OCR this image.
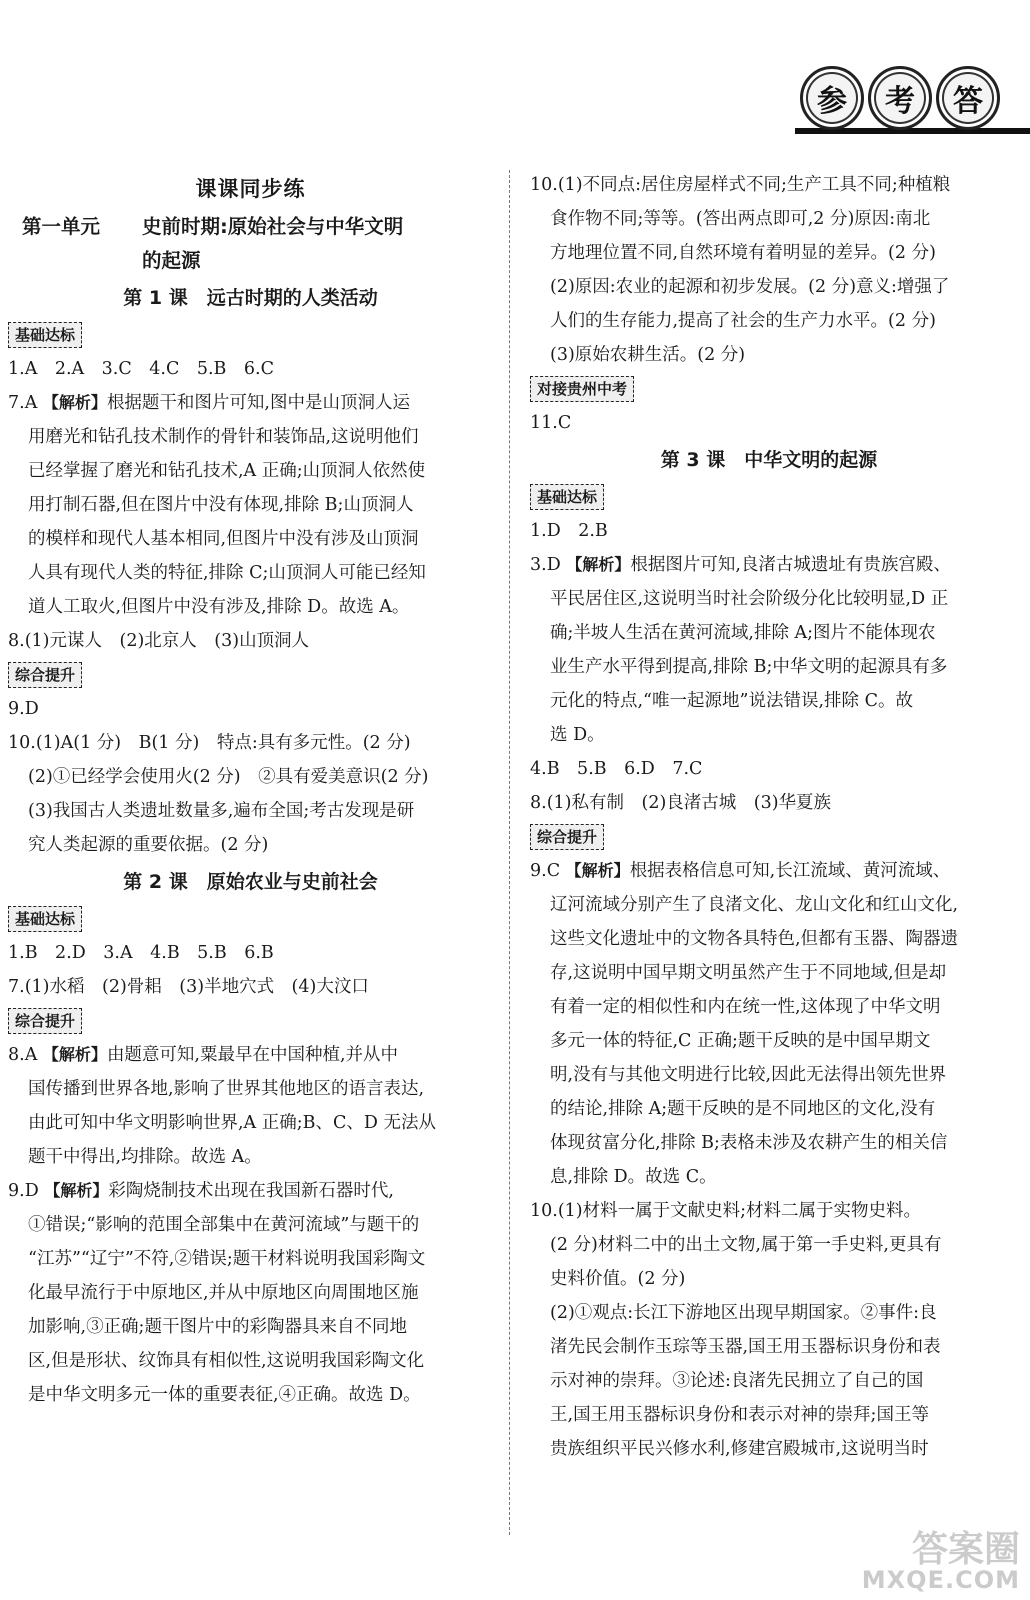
参	考	答
课课同步练
第一单元	史前时期:原始社会与中华文明
的起源
第 1 课　远古时期的人类活动
基础达标

1.A　2.A　3.C　4.C　5.B　6.C

7.A 【解析】根据题干和图片可知,图中是山顶洞人运

用磨光和钻孔技术制作的骨针和装饰品,这说明他们

已经掌握了磨光和钻孔技术,A 正确;山顶洞人依然使

用打制石器,但在图片中没有体现,排除 B;山顶洞人

的模样和现代人基本相同,但图片中没有涉及山顶洞

人具有现代人类的特征,排除 C;山顶洞人可能已经知

道人工取火,但图片中没有涉及,排除 D。故选 A。

8.(1)元谋人　(2)北京人　(3)山顶洞人

综合提升

9.D

10.(1)A(1 分)　B(1 分)　特点:具有多元性。(2 分)

(2)①已经学会使用火(2 分)　②具有爱美意识(2 分)

(3)我国古人类遗址数量多,遍布全国;考古发现是研

究人类起源的重要依据。(2 分)

第 2 课　原始农业与史前社会
基础达标

1.B　2.D　3.A　4.B　5.B　6.B

7.(1)水稻　(2)骨耜　(3)半地穴式　(4)大汶口

综合提升

8.A 【解析】由题意可知,粟最早在中国种植,并从中

国传播到世界各地,影响了世界其他地区的语言表达,

由此可知中华文明影响世界,A 正确;B、C、D 无法从

题干中得出,均排除。故选 A。

9.D 【解析】彩陶烧制技术出现在我国新石器时代,

①错误;“影响的范围全部集中在黄河流域”与题干的

“江苏”“辽宁”不符,②错误;题干材料说明我国彩陶文

化最早流行于中原地区,并从中原地区向周围地区施

加影响,③正确;题干图片中的彩陶器具来自不同地

区,但是形状、纹饰具有相似性,这说明我国彩陶文化

是中华文明多元一体的重要表征,④正确。故选 D。

10.(1)不同点:居住房屋样式不同;生产工具不同;种植粮

食作物不同;等等。(答出两点即可,2 分)原因:南北

方地理位置不同,自然环境有着明显的差异。(2 分)

(2)原因:农业的起源和初步发展。(2 分)意义:增强了

人们的生存能力,提高了社会的生产力水平。(2 分)

(3)原始农耕生活。(2 分)

对接贵州中考

11.C

第 3 课　中华文明的起源
基础达标

1.D　2.B

3.D 【解析】根据图片可知,良渚古城遗址有贵族宫殿、

平民居住区,这说明当时社会阶级分化比较明显,D 正

确;半坡人生活在黄河流域,排除 A;图片不能体现农

业生产水平得到提高,排除 B;中华文明的起源具有多

元化的特点,“唯一起源地”说法错误,排除 C。故

选 D。

4.B　5.B　6.D　7.C

8.(1)私有制　(2)良渚古城　(3)华夏族

综合提升

9.C 【解析】根据表格信息可知,长江流域、黄河流域、

辽河流域分别产生了良渚文化、龙山文化和红山文化,

这些文化遗址中的文物各具特色,但都有玉器、陶器遗

存,这说明中国早期文明虽然产生于不同地域,但是却

有着一定的相似性和内在统一性,这体现了中华文明

多元一体的特征,C 正确;题干反映的是中国早期文

明,没有与其他文明进行比较,因此无法得出领先世界

的结论,排除 A;题干反映的是不同地区的文化,没有

体现贫富分化,排除 B;表格未涉及农耕产生的相关信

息,排除 D。故选 C。

10.(1)材料一属于文献史料;材料二属于实物史料。

(2 分)材料二中的出土文物,属于第一手史料,更具有

史料价值。(2 分)

(2)①观点:长江下游地区出现早期国家。②事件:良

渚先民会制作玉琮等玉器,国王用玉器标识身份和表

示对神的崇拜。③论述:良渚先民拥立了自己的国

王,国王用玉器标识身份和表示对神的崇拜;国王等

贵族组织平民兴修水利,修建宫殿城市,这说明当时

答案圈
MXQE.COM
